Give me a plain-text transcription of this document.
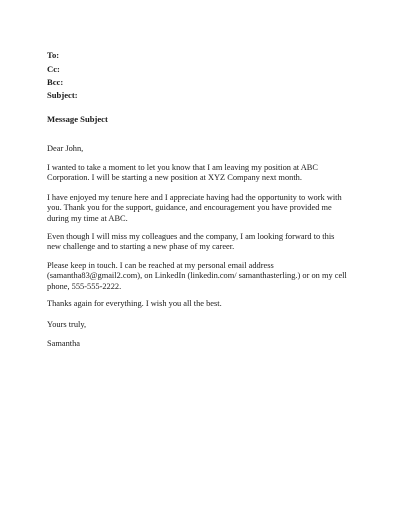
To:
Cc:
Bcc:
Subject:
Message Subject
Dear John,
I wanted to take a moment to let you know that I am leaving my position at ABC
Corporation. I will be starting a new position at XYZ Company next month.
I have enjoyed my tenure here and I appreciate having had the opportunity to work with
you. Thank you for the support, guidance, and encouragement you have provided me
during my time at ABC.
Even though I will miss my colleagues and the company, I am looking forward to this
new challenge and to starting a new phase of my career.
Please keep in touch. I can be reached at my personal email address
(samantha83@gmail2.com), on LinkedIn (linkedin.com/ samanthasterling.) or on my cell
phone, 555-555-2222.
Thanks again for everything. I wish you all the best.
Yours truly,
Samantha
